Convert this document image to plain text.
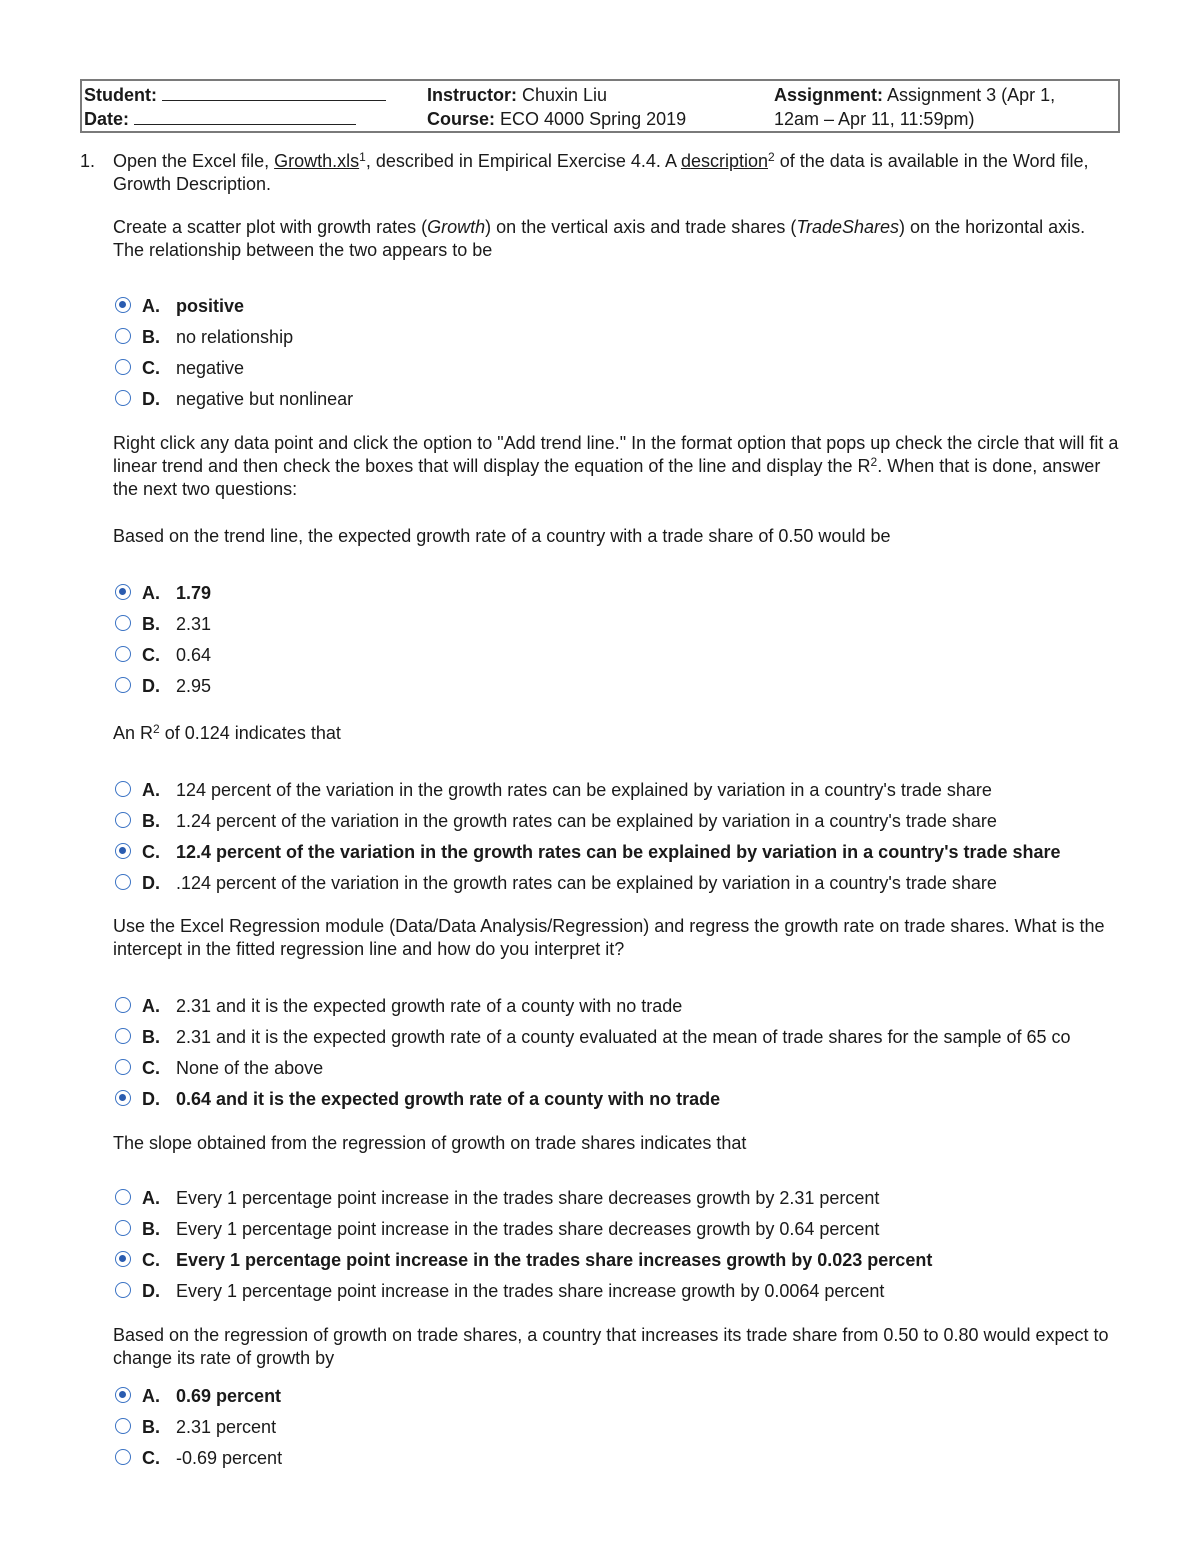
Student:
Date:
Instructor: Chuxin Liu
Course: ECO 4000 Spring 2019
Assignment: Assignment 3 (Apr 1,
12am – Apr 11, 11:59pm)
1. Open the Excel file, Growth.xls$^1$, described in Empirical Exercise 4.4. A description$^2$ of the data is available in the Word file, Growth Description.
Create a scatter plot with growth rates (Growth) on the vertical axis and trade shares (TradeShares) on the horizontal axis. The relationship between the two appears to be
A. positive
B. no relationship
C. negative
D. negative but nonlinear
Right click any data point and click the option to "Add trend line." In the format option that pops up check the circle that will fit a linear trend and then check the boxes that will display the equation of the line and display the $R^2$. When that is done, answer the next two questions:
Based on the trend line, the expected growth rate of a country with a trade share of 0.50 would be
A. 1.79
B. 2.31
C. 0.64
D. 2.95
An $R^2$ of 0.124 indicates that
A. 124 percent of the variation in the growth rates can be explained by variation in a country's trade share
B. 1.24 percent of the variation in the growth rates can be explained by variation in a country's trade share
C. 12.4 percent of the variation in the growth rates can be explained by variation in a country's trade share
D. .124 percent of the variation in the growth rates can be explained by variation in a country's trade share
Use the Excel Regression module (Data/Data Analysis/Regression) and regress the growth rate on trade shares. What is the intercept in the fitted regression line and how do you interpret it?
A. 2.31 and it is the expected growth rate of a county with no trade
B. 2.31 and it is the expected growth rate of a county evaluated at the mean of trade shares for the sample of 65 co
C. None of the above
D. 0.64 and it is the expected growth rate of a county with no trade
The slope obtained from the regression of growth on trade shares indicates that
A. Every 1 percentage point increase in the trades share decreases growth by 2.31 percent
B. Every 1 percentage point increase in the trades share decreases growth by 0.64 percent
C. Every 1 percentage point increase in the trades share increases growth by 0.023 percent
D. Every 1 percentage point increase in the trades share increase growth by 0.0064 percent
Based on the regression of growth on trade shares, a country that increases its trade share from 0.50 to 0.80 would expect to change its rate of growth by
A. 0.69 percent
B. 2.31 percent
C. -0.69 percent
